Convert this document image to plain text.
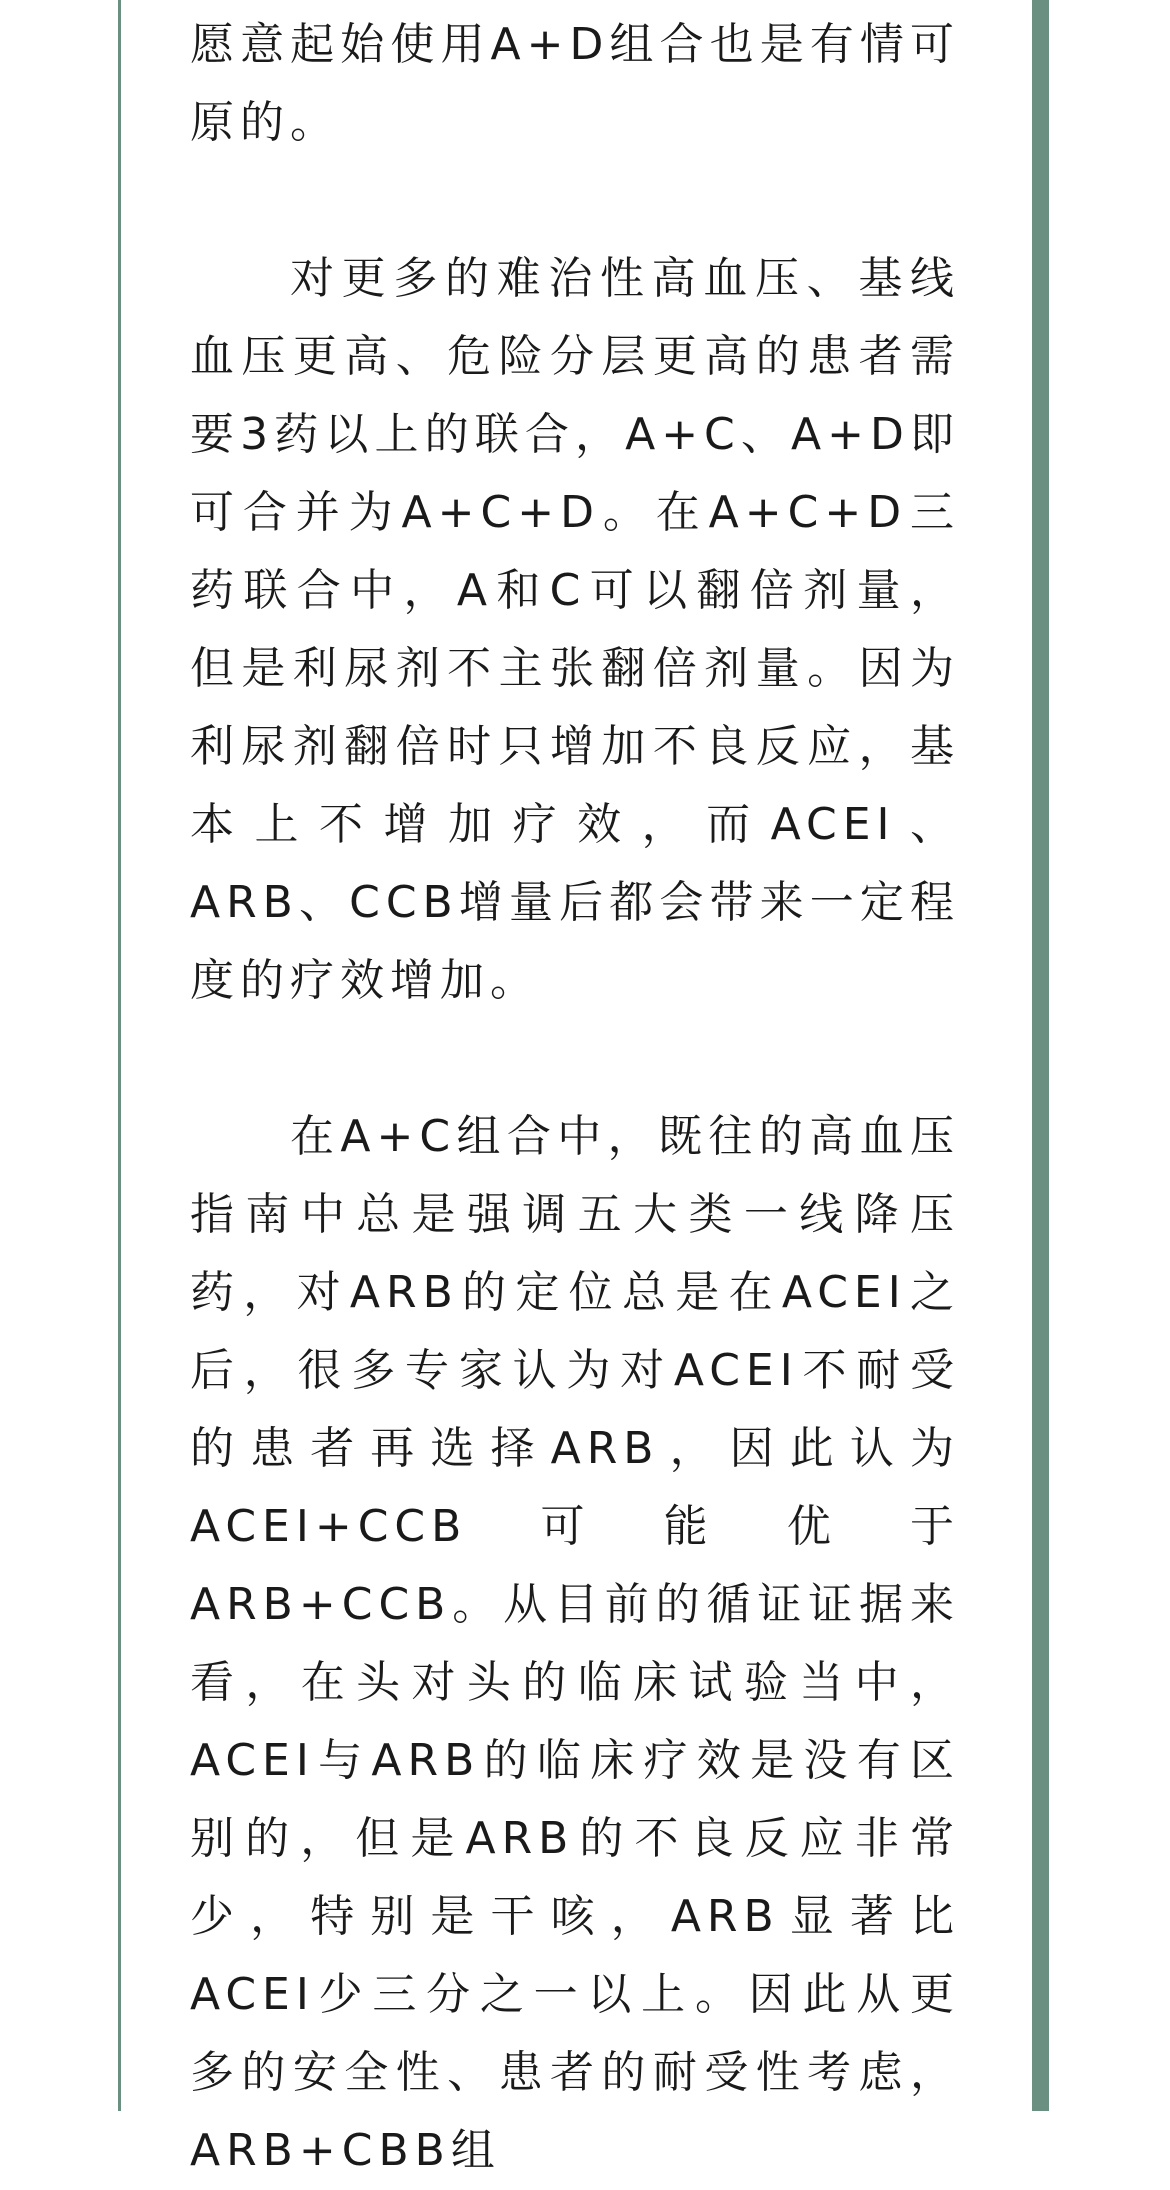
愿意起始使用A+D组合也是有情可原的。

对更多的难治性高血压、基线血压更高、危险分层更高的患者需要3药以上的联合，A+C、A+D即可合并为A+C+D。在A+C+D三药联合中，A和C可以翻倍剂量，但是利尿剂不主张翻倍剂量。因为利尿剂翻倍时只增加不良反应，基本上不增加疗效，而ACEI、ARB、CCB增量后都会带来一定程度的疗效增加。

在A+C组合中，既往的高血压指南中总是强调五大类一线降压药，对ARB的定位总是在ACEI之后，很多专家认为对ACEI不耐受的患者再选择ARB，因此认为ACEI+CCB可能优于ARB+CCB。从目前的循证证据来看，在头对头的临床试验当中，ACEI与ARB的临床疗效是没有区别的，但是ARB的不良反应非常少，特别是干咳，ARB显著比ACEI少三分之一以上。因此从更多的安全性、患者的耐受性考虑，ARB+CBB组
